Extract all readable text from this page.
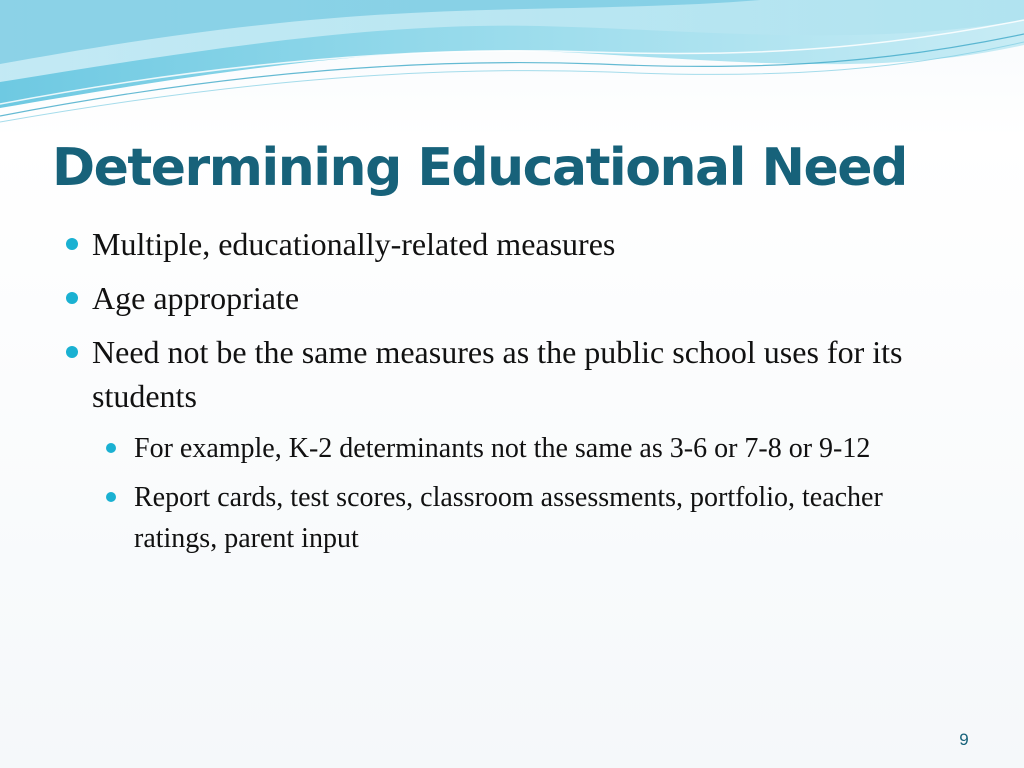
Determining Educational Need
Multiple, educationally-related measures
Age appropriate
Need not be the same measures as the public school uses for its students
For example, K-2 determinants not the same as 3-6 or 7-8 or 9-12
Report cards, test scores, classroom assessments, portfolio, teacher ratings, parent input
9
